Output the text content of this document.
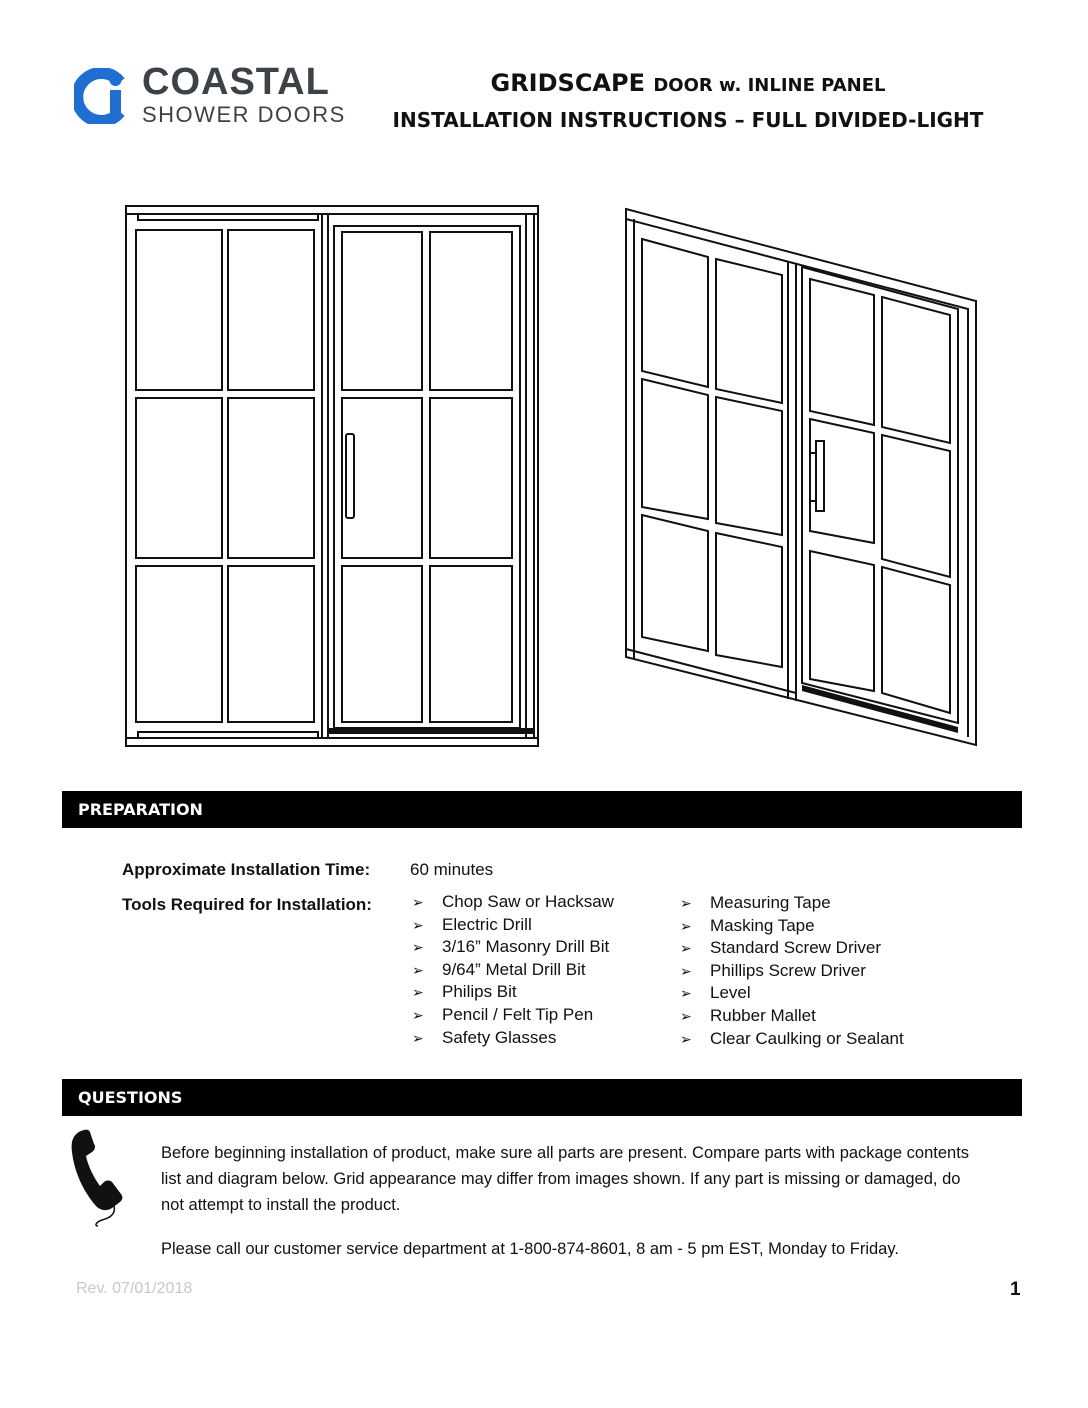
COASTAL
SHOWER DOORS
GRIDSCAPE DOOR w. INLINE PANEL
INSTALLATION INSTRUCTIONS – FULL DIVIDED-LIGHT
PREPARATION
Approximate Installation Time: 60 minutes
Tools Required for Installation:	➢ Chop Saw or Hacksaw
➢ Electric Drill
➢ 3/16” Masonry Drill Bit
➢ 9/64” Metal Drill Bit
➢ Philips Bit
➢ Pencil / Felt Tip Pen
➢ Safety Glasses
➢ Measuring Tape
➢ Masking Tape
➢ Standard Screw Driver
➢ Phillips Screw Driver
➢ Level
➢ Rubber Mallet
➢ Clear Caulking or Sealant
QUESTIONS
Before beginning installation of product, make sure all parts are present. Compare parts with package contents list and diagram below. Grid appearance may differ from images shown. If any part is missing or damaged, do not attempt to install the product.
Please call our customer service department at 1-800-874-8601, 8 am - 5 pm EST, Monday to Friday.
Rev. 07/01/2018	1
